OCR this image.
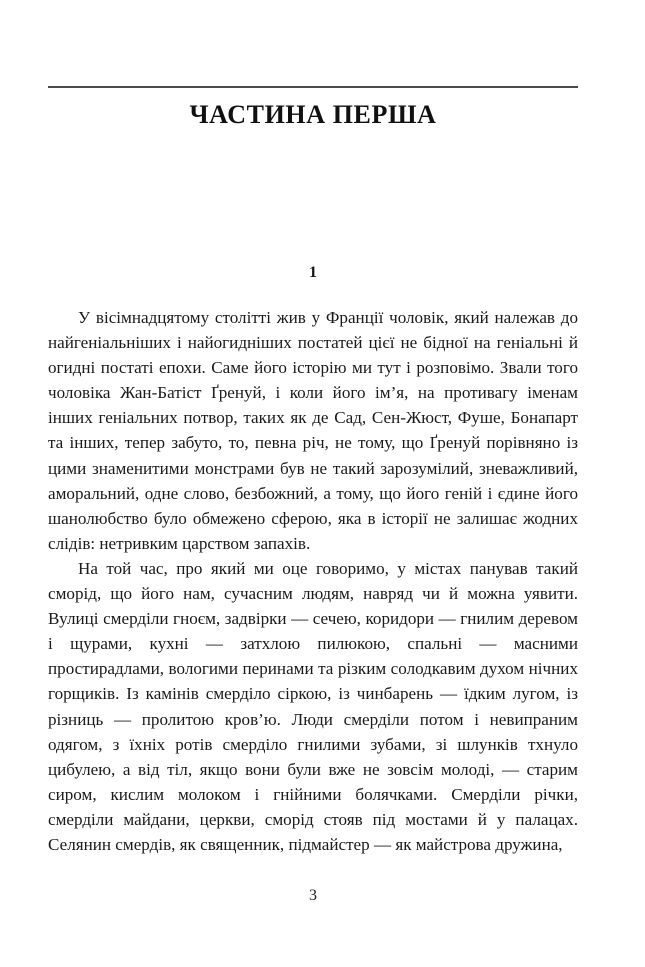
ЧАСТИНА ПЕРША
1

У вісімнадцятому столітті жив у Франції чоловік, який належав до найгеніальніших і найогидніших постатей цієї не бідної на геніальні й огидні постаті епохи. Саме його історію ми тут і розповімо. Звали того чоловіка Жан-Батіст Ґренуй, і коли його ім’я, на противагу іменам інших геніальних потвор, таких як де Сад, Сен-Жюст, Фуше, Бонапарт та інших, тепер забуто, то, певна річ, не тому, що Ґренуй порівняно із цими знаменитими монстрами був не такий зарозумілий, зневажливий, аморальний, одне слово, безбожний, а тому, що його геній і єдине його шанолюбство було обмежено сферою, яка в історії не залишає жодних слідів: нетривким царством запахів.

На той час, про який ми оце говоримо, у містах панував такий сморід, що його нам, сучасним людям, навряд чи й можна уявити. Вулиці смерділи гноєм, задвірки — сечею, коридори — гнилим деревом і щурами, кухні — затхлою пилюкою, спальні — масними простирадлами, вологими перинами та різким солодкавим духом нічних горщиків. Із камінів смерділо сіркою, із чинбарень — їдким лугом, із різниць — пролитою кров’ю. Люди смерділи потом і невипраним одягом, з їхніх ротів смерділо гнилими зубами, зі шлунків тхнуло цибулею, а від тіл, якщо вони були вже не зовсім молоді, — старим сиром, кислим молоком і гнійними болячками. Смерділи річки, смерділи майдани, церкви, сморід стояв під мостами й у палацах. Селянин смердів, як священник, підмайстер — як майстрова дружина,

3
